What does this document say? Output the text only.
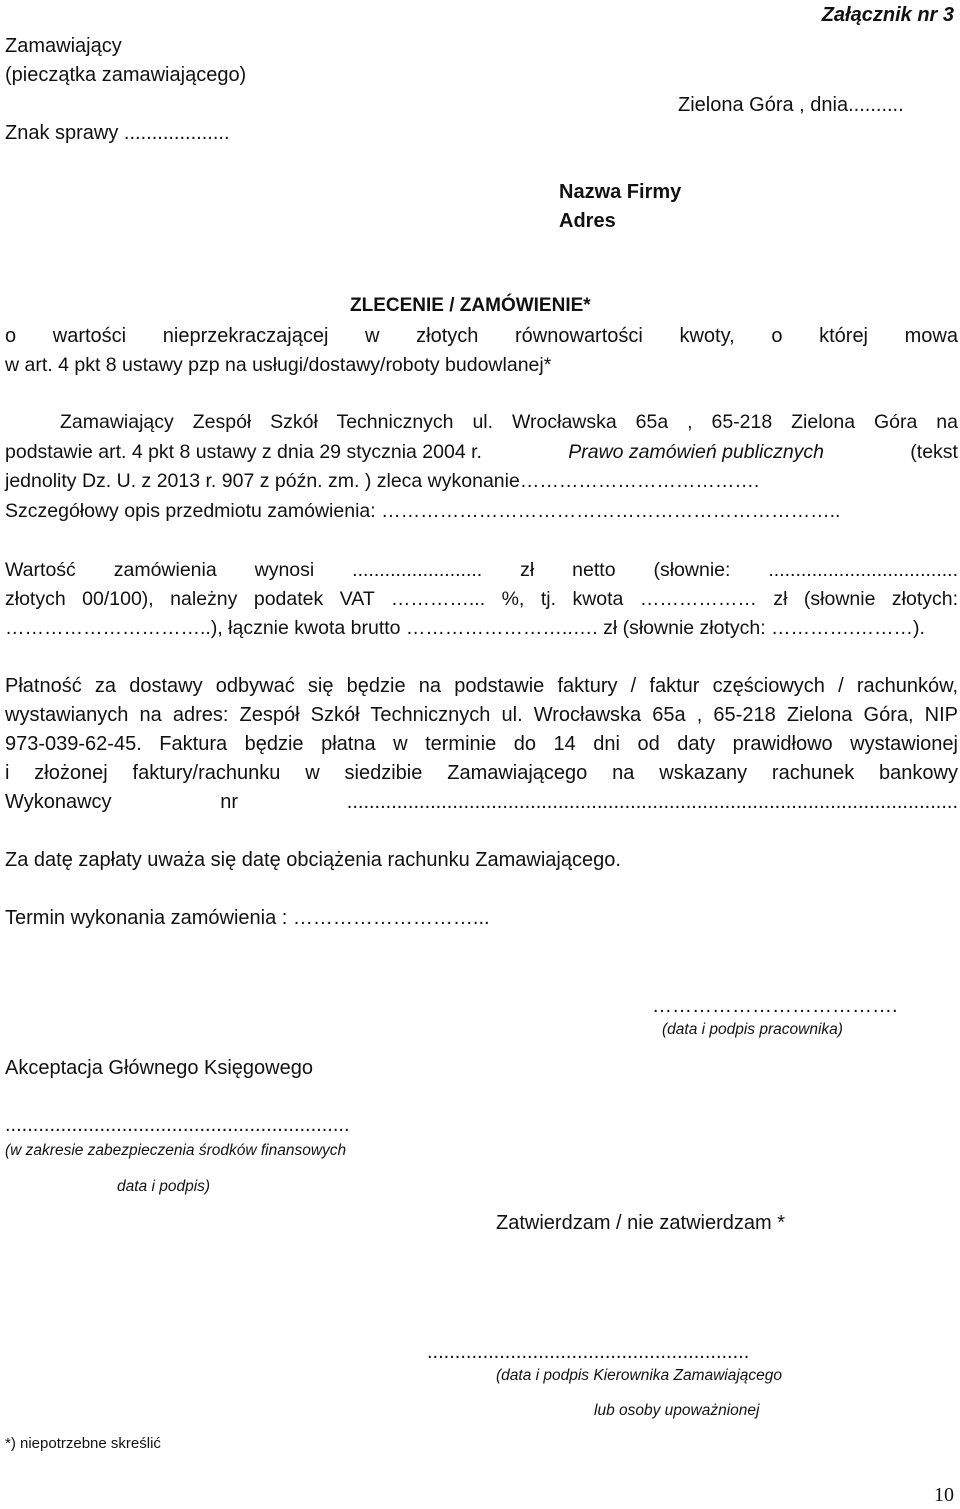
Załącznik nr 3
Zamawiający
(pieczątka zamawiającego)
Zielona Góra , dnia..........
Znak sprawy ...................
Nazwa Firmy
Adres
ZLECENIE / ZAMÓWIENIE*
o wartości nieprzekraczającej w złotych równowartości kwoty, o której mowa
w art. 4 pkt 8 ustawy pzp na usługi/dostawy/roboty budowlanej*
Zamawiający Zespół Szkół Technicznych ul. Wrocławska 65a , 65-218 Zielona Góra na
podstawie art. 4 pkt 8 ustawy z dnia 29 stycznia 2004 r.	Prawo zamówień publicznych	(tekst
jednolity Dz. U. z 2013 r. 907 z późn. zm. ) zleca wykonanie……………………………….
Szczegółowy opis przedmiotu zamówienia: ……………………………………………………………..
Wartość zamówienia wynosi ........................ zł netto (słownie: ...................................
złotych 00/100), należny podatek VAT …………... %, tj. kwota ……………… zł (słownie złotych:
…………………………..), łącznie kwota brutto ……………………..…. zł (słownie złotych: ………….………).
Płatność za dostawy odbywać się będzie na podstawie faktury / faktur częściowych / rachunków,
wystawianych na adres: Zespół Szkół Technicznych ul. Wrocławska 65a , 65-218 Zielona Góra, NIP
973-039-62-45. Faktura będzie płatna w terminie do 14 dni od daty prawidłowo wystawionej
i złożonej faktury/rachunku w siedzibie Zamawiającego na wskazany rachunek bankowy
Wykonawcy nr ..............................................................................................................
Za datę zapłaty uważa się datę obciążenia rachunku Zamawiającego.
Termin wykonania zamówienia : ………………………...
……………………………….
(data i podpis pracownika)
Akceptacja Głównego Księgowego
..............................................................
(w zakresie zabezpieczenia środków finansowych
data i podpis)
Zatwierdzam / nie zatwierdzam *
..........................................................
(data i podpis Kierownika Zamawiającego
lub osoby upoważnionej
*) niepotrzebne skreślić
10
